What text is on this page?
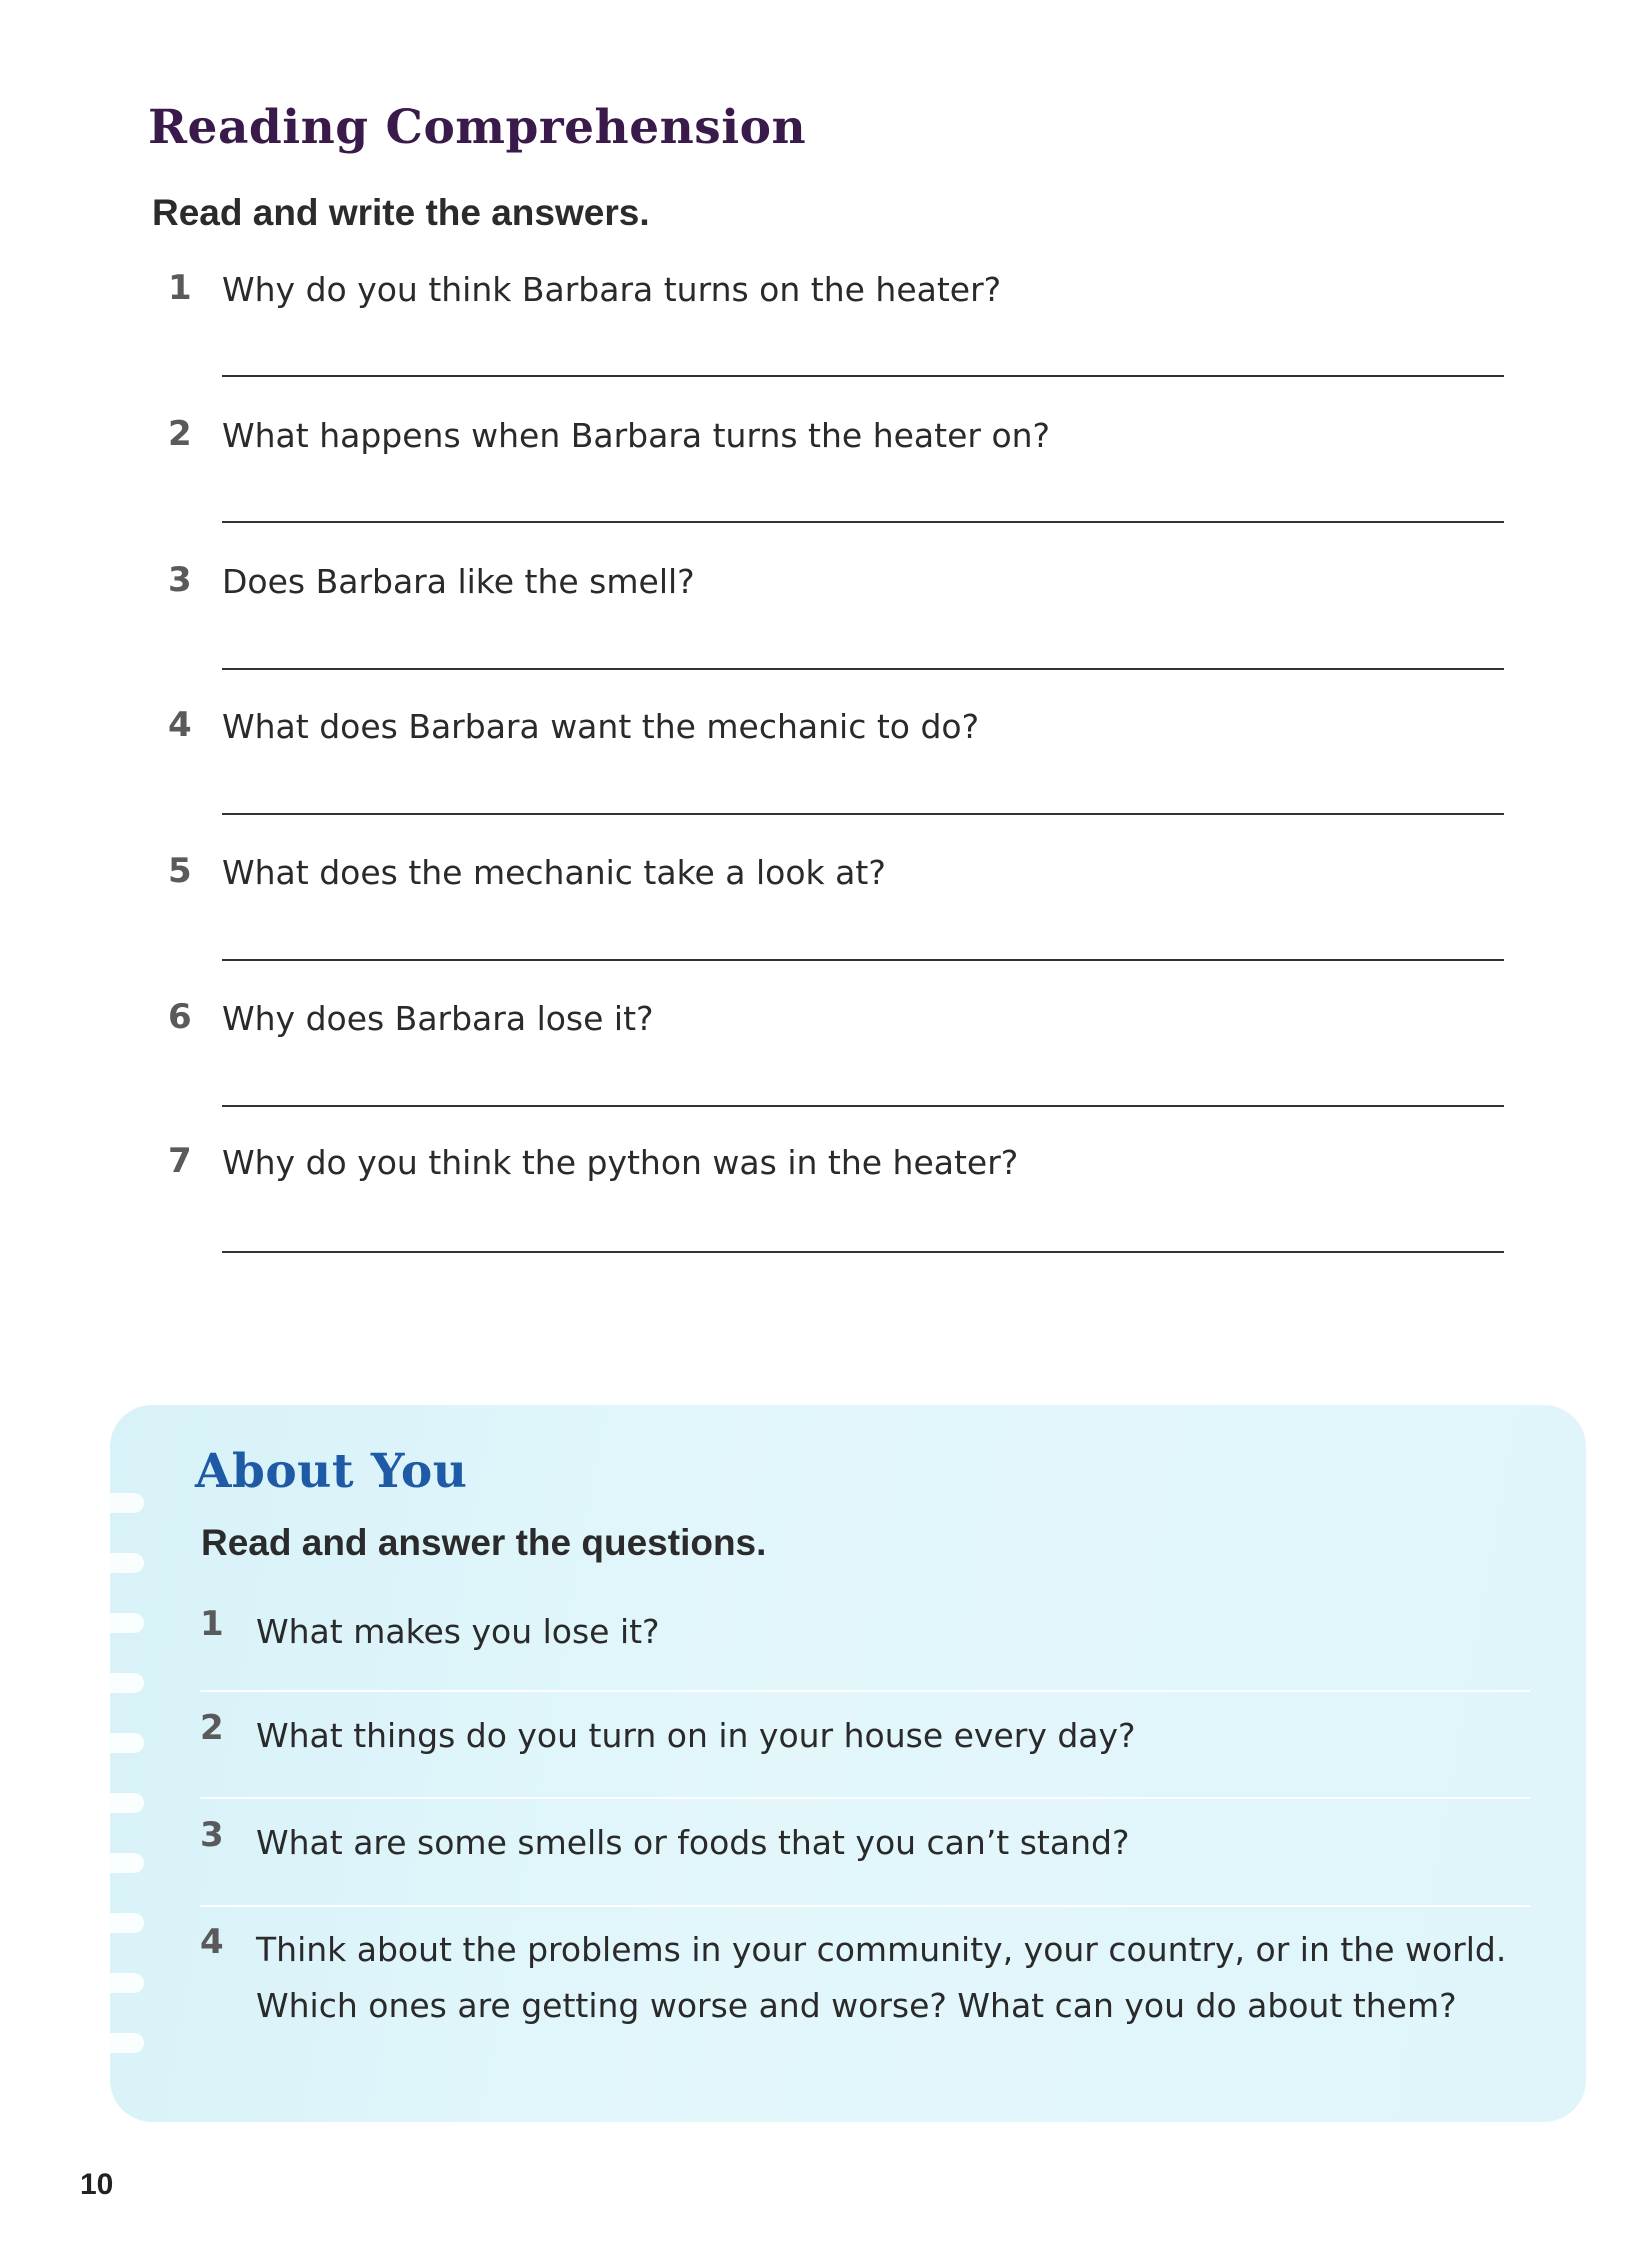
Reading Comprehension
Read and write the answers.
1 Why do you think Barbara turns on the heater?
2 What happens when Barbara turns the heater on?
3 Does Barbara like the smell?
4 What does Barbara want the mechanic to do?
5 What does the mechanic take a look at?
6 Why does Barbara lose it?
7 Why do you think the python was in the heater?
About You
Read and answer the questions.
1 What makes you lose it?
2 What things do you turn on in your house every day?
3 What are some smells or foods that you can’t stand?
4 Think about the problems in your community, your country, or in the world. Which ones are getting worse and worse? What can you do about them?
10
